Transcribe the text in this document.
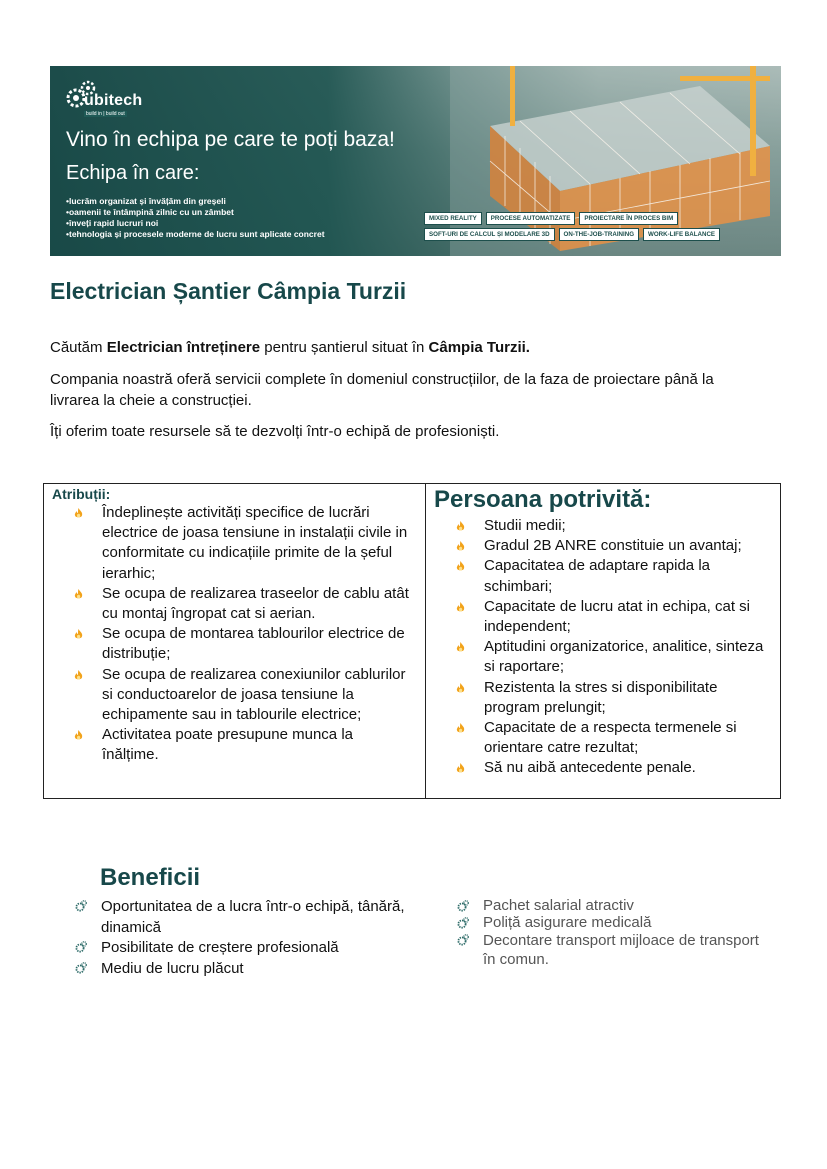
ubitech
build in | build out
Vino în echipa pe care te poți baza!
Echipa în care:
• lucrăm organizat și învățăm din greșeli
• oamenii te întâmpină zilnic cu un zâmbet
• înveți rapid lucruri noi
• tehnologia și procesele moderne de lucru sunt aplicate concret
MIXED REALITY	PROCESE AUTOMATIZATE	PROIECTARE ÎN PROCES BIM
SOFT-URI DE CALCUL ȘI MODELARE 3D	ON-THE-JOB-TRAINING	WORK-LIFE BALANCE
Electrician Șantier Câmpia Turzii

Căutăm Electrician întreținere pentru șantierul situat în Câmpia Turzii.

Compania noastră oferă servicii complete în domeniul construcțiilor, de la faza de proiectare până la
livrarea la cheie a construcției.

Îți oferim toate resursele să te dezvolți într-o echipă de profesioniști.

Atribuții:
Îndeplinește activități specifice de lucrări
electrice de joasa tensiune in instalații civile in
conformitate cu indicațiile primite de la șeful
ierarhic;
Se ocupa de realizarea traseelor de cablu atât
cu montaj îngropat cat si aerian.
Se ocupa de montarea tablourilor electrice de
distribuție;
Se ocupa de realizarea conexiunilor cablurilor
si conductoarelor de joasa tensiune la
echipamente sau in tablourile electrice;
Activitatea poate presupune munca la
înălțime.
Persoana potrivită:
Studii medii;
Gradul 2B ANRE constituie un avantaj;
Capacitatea de adaptare rapida la
schimbari;
Capacitate de lucru atat in echipa, cat si
independent;
Aptitudini organizatorice, analitice, sinteza
si raportare;
Rezistenta la stres si disponibilitate
program prelungit;
Capacitate de a respecta termenele si
orientare catre rezultat;
Să nu aibă antecedente penale.
Beneficii
Oportunitatea de a lucra într-o echipă, tânără,
dinamică
Posibilitate de creștere profesională
Mediu de lucru plăcut
Pachet salarial atractiv
Poliță asigurare medicală
Decontare transport mijloace de transport
în comun.
